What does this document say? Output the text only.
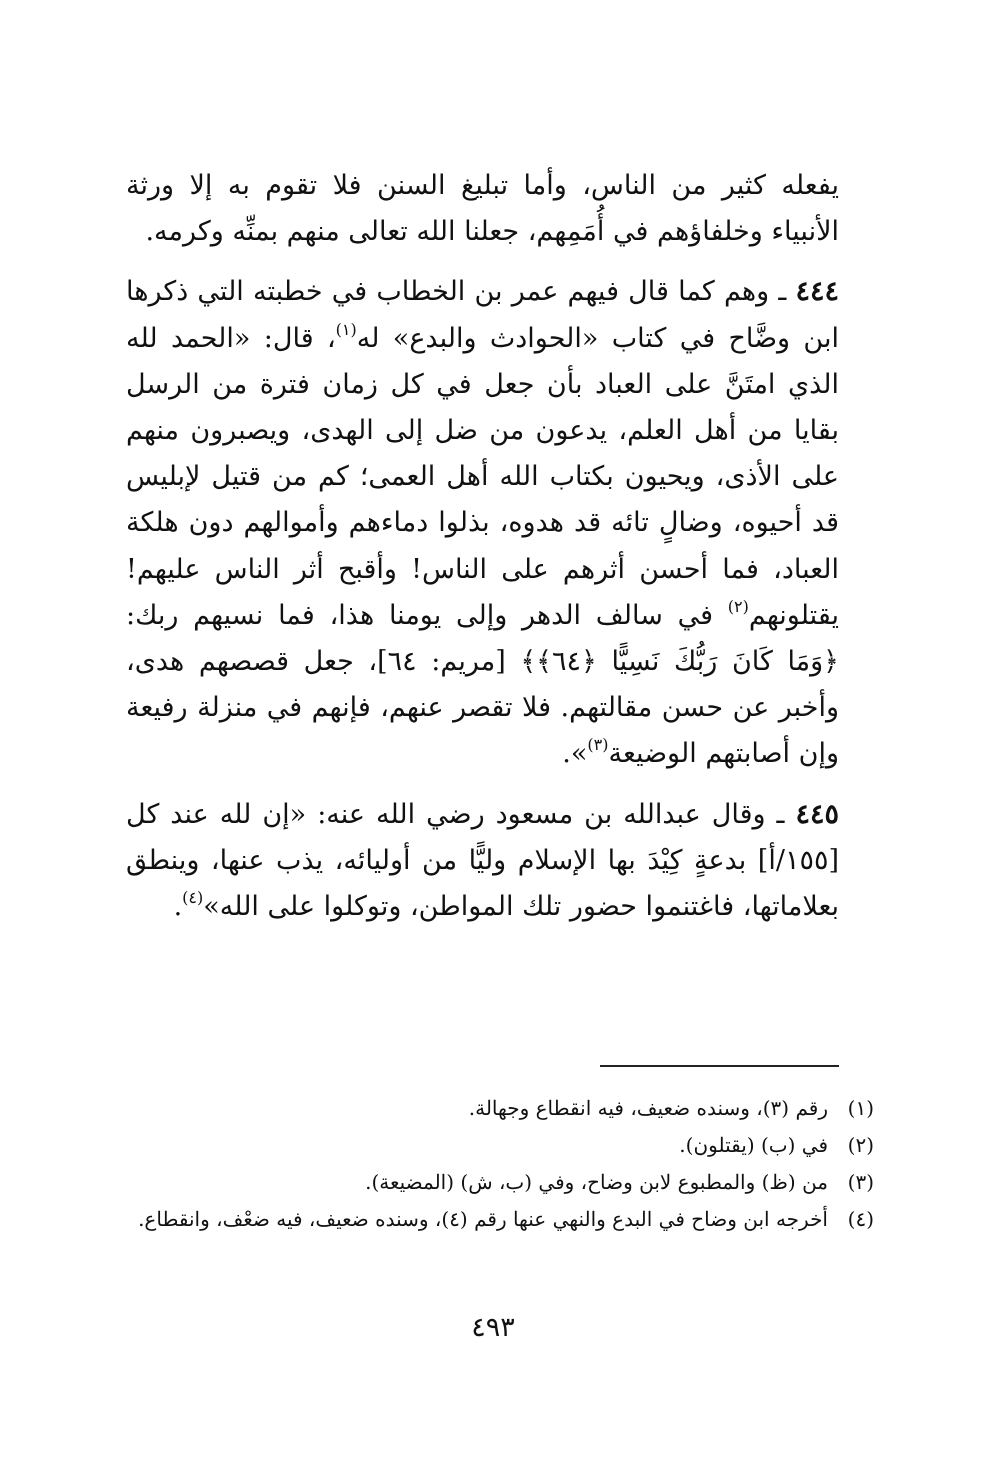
يفعله كثير من الناس، وأما تبليغ السنن فلا تقوم به إلا ورثة الأنبياء وخلفاؤهم في أُمَمِهم، جعلنا الله تعالى منهم بمنِّه وكرمه.

٤٤٤ ـ وهم كما قال فيهم عمر بن الخطاب في خطبته التي ذكرها ابن وضَّاح في كتاب «الحوادث والبدع» له$^{(١)}$، قال: «الحمد لله الذي امتَنَّ على العباد بأن جعل في كل زمان فترة من الرسل بقايا من أهل العلم، يدعون من ضل إلى الهدى، ويصبرون منهم على الأذى، ويحيون بكتاب الله أهل العمى؛ كم من قتيل لإبليس قد أحيوه، وضالٍ تائه قد هدوه، بذلوا دماءهم وأموالهم دون هلكة العباد، فما أحسن أثرهم على الناس! وأقبح أثر الناس عليهم! يقتلونهم$^{(٢)}$ في سالف الدهر وإلى يومنا هذا، فما نسيهم ربك: ﴿وَمَا كَانَ رَبُّكَ نَسِيًّا ﴿٦٤﴾﴾ [مريم: ٦٤]، جعل قصصهم هدى، وأخبر عن حسن مقالتهم. فلا تقصر عنهم، فإنهم في منزلة رفيعة وإن أصابتهم الوضيعة$^{(٣)}$».

٤٤٥ ـ وقال عبدالله بن مسعود رضي الله عنه: «إن لله عند كل [١٥٥/أ] بدعةٍ كِيْدَ بها الإسلام وليًّا من أوليائه، يذب عنها، وينطق بعلاماتها، فاغتنموا حضور تلك المواطن، وتوكلوا على الله»$^{(٤)}$.

(١)
رقم (٣)، وسنده ضعيف، فيه انقطاع وجهالة.
(٢)
في (ب) (يقتلون).
(٣)
من (ظ) والمطبوع لابن وضاح، وفي (ب، ش) (المضيعة).
(٤)
أخرجه ابن وضاح في البدع والنهي عنها رقم (٤)، وسنده ضعيف، فيه ضعْف، وانقطاع.
٤٩٣
